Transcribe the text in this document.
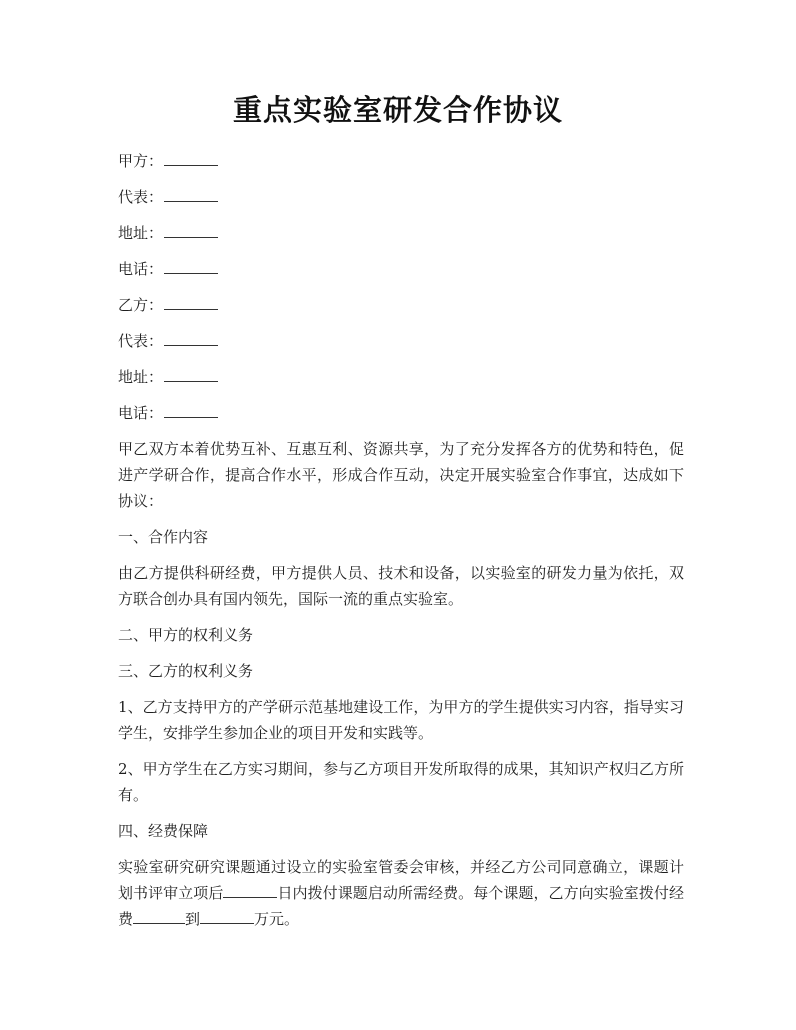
重点实验室研发合作协议
甲方：
代表：
地址：
电话：
乙方：
代表：
地址：
电话：

甲乙双方本着优势互补、互惠互利、资源共享，为了充分发挥各方的优势和特色，促进产学研合作，提高合作水平，形成合作互动，决定开展实验室合作事宜，达成如下协议：

一、合作内容

由乙方提供科研经费，甲方提供人员、技术和设备，以实验室的研发力量为依托，双方联合创办具有国内领先，国际一流的重点实验室。

二、甲方的权利义务

三、乙方的权利义务

1、乙方支持甲方的产学研示范基地建设工作，为甲方的学生提供实习内容，指导实习学生，安排学生参加企业的项目开发和实践等。

2、甲方学生在乙方实习期间，参与乙方项目开发所取得的成果，其知识产权归乙方所有。

四、经费保障

实验室研究研究课题通过设立的实验室管委会审核，并经乙方公司同意确立，课题计划书评审立项后	日内拨付课题启动所需经费。每个课题，乙方向实验室拨付经费	到	万元。
